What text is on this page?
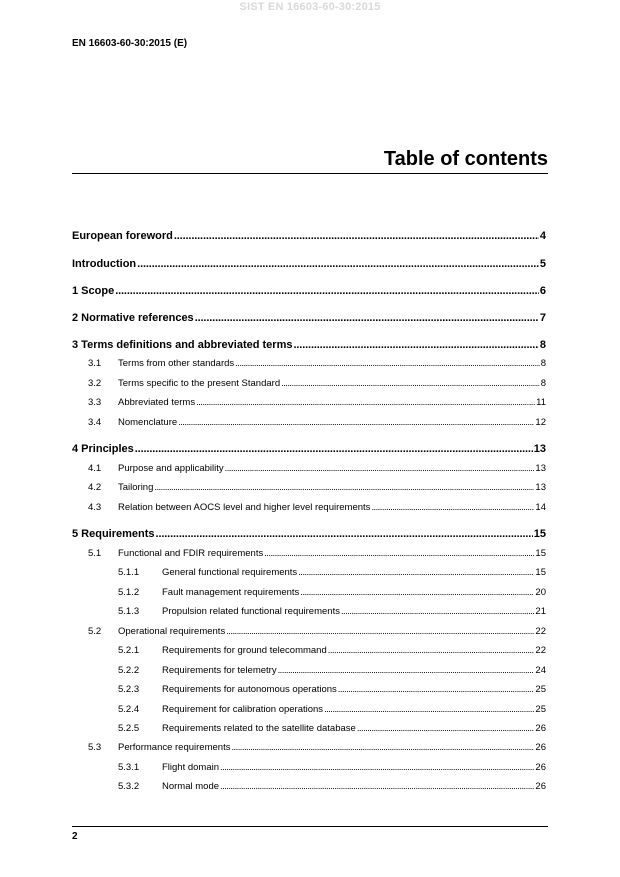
SIST EN 16603-60-30:2015
EN 16603-60-30:2015 (E)
Table of contents
European foreword . . .	4
Introduction . . .	5
1 Scope . . .	6
2 Normative references . . .	7
3 Terms definitions and abbreviated terms . . .	8
3.1	Terms from other standards . . .	8
3.2	Terms specific to the present Standard . . .	8
3.3	Abbreviated terms . . .	11
3.4	Nomenclature . . .	12
4 Principles . . .	13
4.1	Purpose and applicability . . .	13
4.2	Tailoring . . .	13
4.3	Relation between AOCS level and higher level requirements . . .	14
5 Requirements . . .	15
5.1	Functional and FDIR requirements . . .	15
5.1.1	General functional requirements . . .	15
5.1.2	Fault management requirements . . .	20
5.1.3	Propulsion related functional requirements . . .	21
5.2	Operational requirements . . .	22
5.2.1	Requirements for ground telecommand . . .	22
5.2.2	Requirements for telemetry . . .	24
5.2.3	Requirements for autonomous operations . . .	25
5.2.4	Requirement for calibration operations . . .	25
5.2.5	Requirements related to the satellite database . . .	26
5.3	Performance requirements . . .	26
5.3.1	Flight domain . . .	26
5.3.2	Normal mode . . .	26
2
